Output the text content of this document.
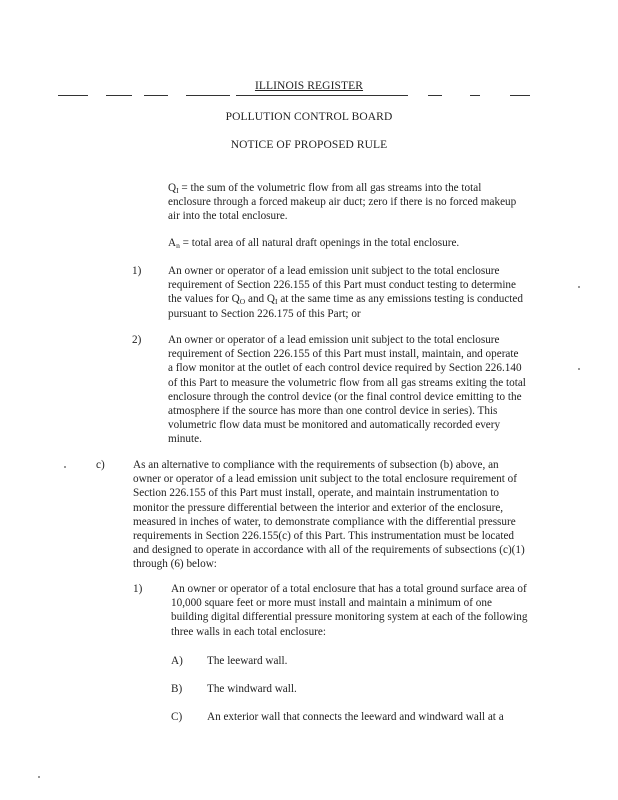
ILLINOIS REGISTER
POLLUTION CONTROL BOARD
NOTICE OF PROPOSED RULE

$Q_I$ = the sum of the volumetric flow from all gas streams into the total enclosure through a forced makeup air duct; zero if there is no forced makeup air into the total enclosure.

$A_n$ = total area of all natural draft openings in the total enclosure.

1) An owner or operator of a lead emission unit subject to the total enclosure requirement of Section 226.155 of this Part must conduct testing to determine the values for $Q_O$ and $Q_I$ at the same time as any emissions testing is conducted pursuant to Section 226.175 of this Part; or

2) An owner or operator of a lead emission unit subject to the total enclosure requirement of Section 226.155 of this Part must install, maintain, and operate a flow monitor at the outlet of each control device required by Section 226.140 of this Part to measure the volumetric flow from all gas streams exiting the total enclosure through the control device (or the final control device emitting to the atmosphere if the source has more than one control device in series). This volumetric flow data must be monitored and automatically recorded every minute.

c)	As an alternative to compliance with the requirements of subsection (b) above, an owner or operator of a lead emission unit subject to the total enclosure requirement of Section 226.155 of this Part must install, operate, and maintain instrumentation to monitor the pressure differential between the interior and exterior of the enclosure, measured in inches of water, to demonstrate compliance with the differential pressure requirements in Section 226.155(c) of this Part. This instrumentation must be located and designed to operate in accordance with all of the requirements of subsections (c)(1) through (6) below:

1)	An owner or operator of a total enclosure that has a total ground surface area of 10,000 square feet or more must install and maintain a minimum of one building digital differential pressure monitoring system at each of the following three walls in each total enclosure:

A) The leeward wall.

B) The windward wall.

C) An exterior wall that connects the leeward and windward wall at a
